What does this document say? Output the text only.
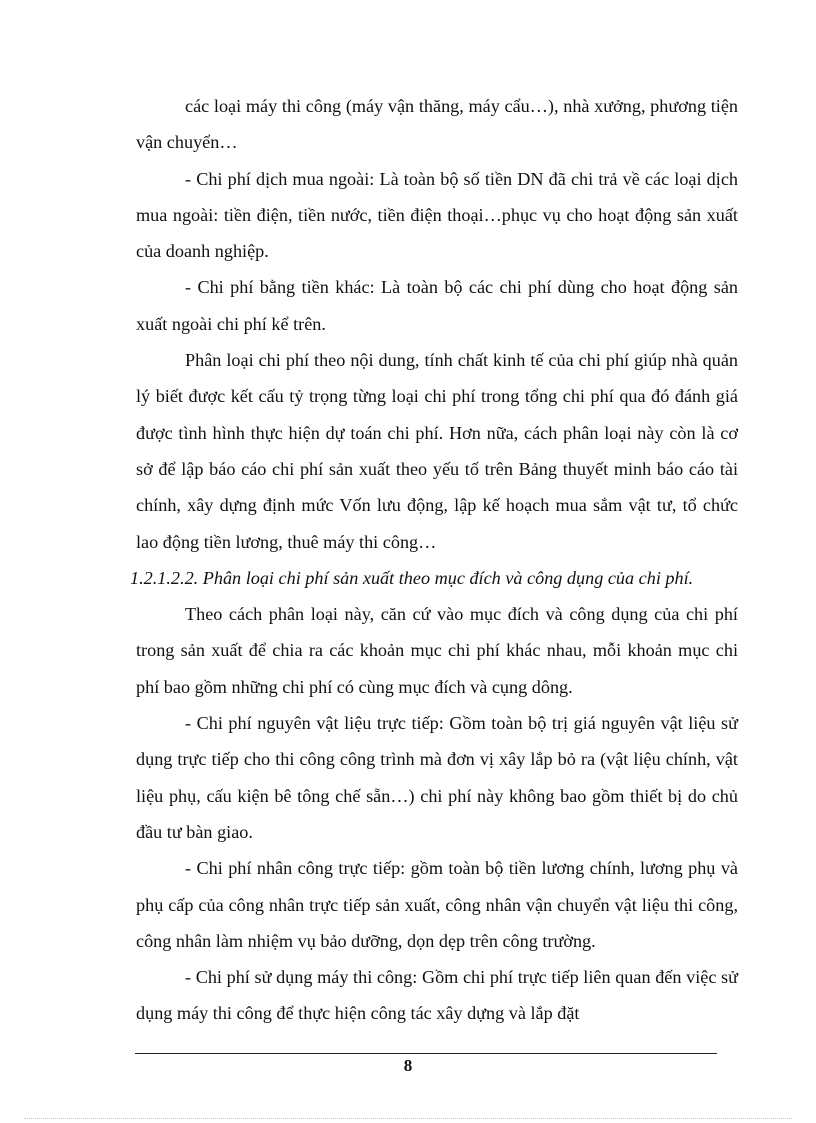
các loại máy thi công (máy vận thăng, máy cẩu…), nhà xưởng, phương tiện vận chuyển…

- Chi phí dịch mua ngoài: Là toàn bộ số tiền DN đã chi trả về các loại dịch mua ngoài: tiền điện, tiền nước, tiền điện thoại…phục vụ cho hoạt động sản xuất của doanh nghiệp.

- Chi phí bằng tiền khác: Là toàn bộ các chi phí dùng cho hoạt động sản xuất ngoài chi phí kể trên.

Phân loại chi phí theo nội dung, tính chất kinh tế của chi phí giúp nhà quản lý biết được kết cấu tỷ trọng từng loại chi phí trong tổng chi phí qua đó đánh giá được tình hình thực hiện dự toán chi phí. Hơn nữa, cách phân loại này còn là cơ sở để lập báo cáo chi phí sản xuất theo yếu tố trên Bảng thuyết minh báo cáo tài chính, xây dựng định mức Vốn lưu động, lập kế hoạch mua sắm vật tư, tổ chức lao động tiền lương, thuê máy thi công…

1.2.1.2.2. Phân loại chi phí sản xuất theo mục đích và công dụng của chi phí.

Theo cách phân loại này, căn cứ vào mục đích và công dụng của chi phí trong sản xuất để chia ra các khoản mục chi phí khác nhau, mỗi khoản mục chi phí bao gồm những chi phí có cùng mục đích và cụng dông.

- Chi phí nguyên vật liệu trực tiếp: Gồm toàn bộ trị giá nguyên vật liệu sử dụng trực tiếp cho thi công công trình mà đơn vị xây lắp bỏ ra (vật liệu chính, vật liệu phụ, cấu kiện bê tông chế sẵn…) chi phí này không bao gồm thiết bị do chủ đầu tư bàn giao.

- Chi phí nhân công trực tiếp: gồm toàn bộ tiền lương chính, lương phụ và phụ cấp của công nhân trực tiếp sản xuất, công nhân vận chuyển vật liệu thi công, công nhân làm nhiệm vụ bảo dưỡng, dọn dẹp trên công trường.

- Chi phí sử dụng máy thi công: Gồm chi phí trực tiếp liên quan đến việc sử dụng máy thi công để thực hiện công tác xây dựng và lắp đặt

8
